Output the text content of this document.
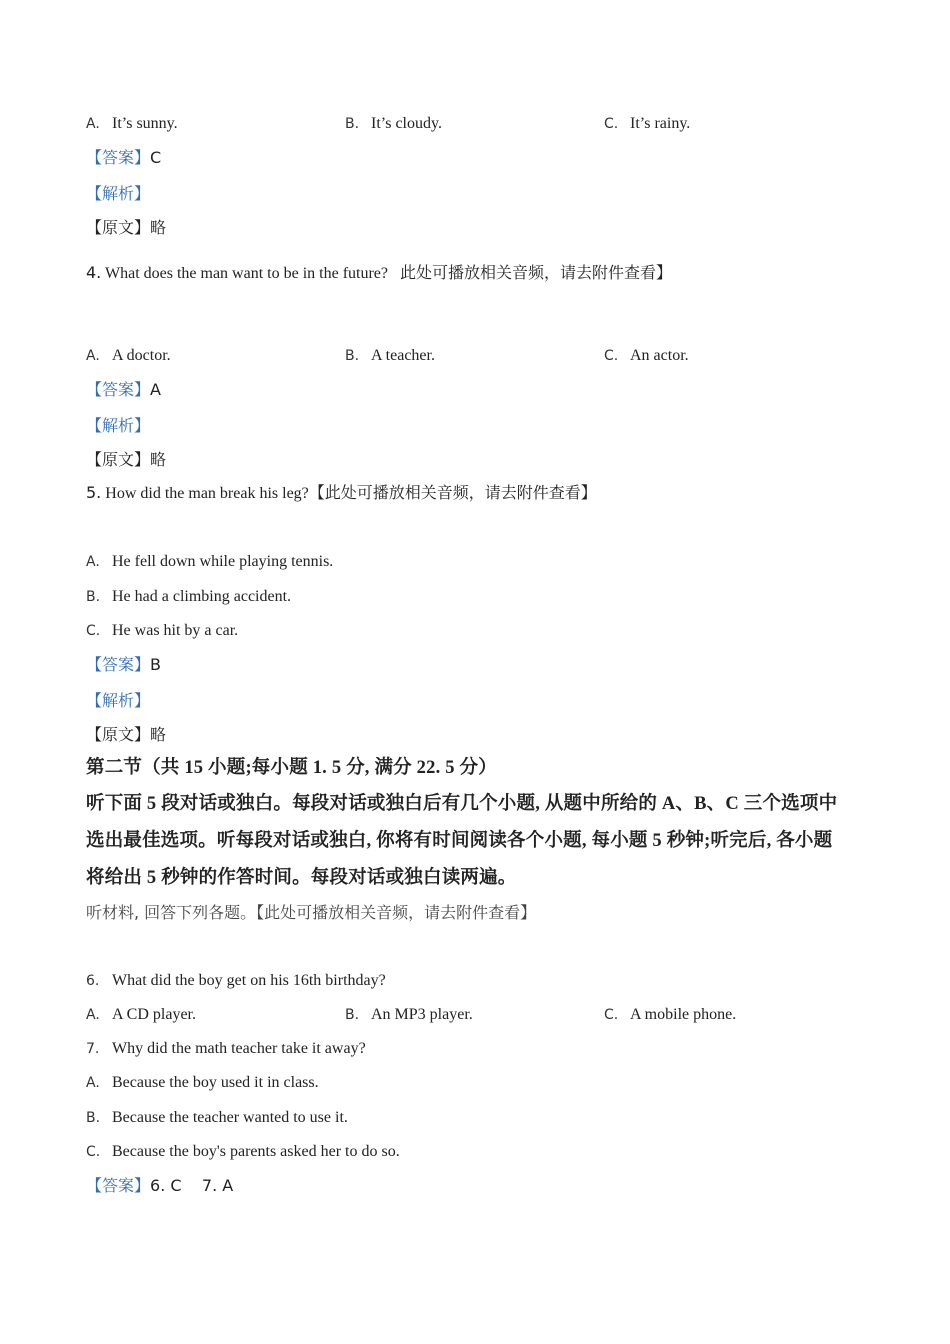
A. It’s sunny.	B. It’s cloudy.	C. It’s rainy.
【答案】C
【解析】
【原文】略
4. What does the man want to be in the future? 此处可播放相关音频，请去附件查看】
A. A doctor.	B. A teacher.	C. An actor.
【答案】A
【解析】
【原文】略
5. How did the man break his leg?【此处可播放相关音频，请去附件查看】
A. He fell down while playing tennis.
B. He had a climbing accident.
C. He was hit by a car.
【答案】B
【解析】
【原文】略
第二节（共 15 小题;每小题 1. 5 分, 满分 22. 5 分）
听下面 5 段对话或独白。每段对话或独白后有几个小题, 从题中所给的 A、B、C 三个选项中
选出最佳选项。听每段对话或独白, 你将有时间阅读各个小题, 每小题 5 秒钟;听完后, 各小题
将给出 5 秒钟的作答时间。每段对话或独白读两遍。
听材料, 回答下列各题。【此处可播放相关音频，请去附件查看】
6. What did the boy get on his 16th birthday?
A. A CD player.	B. An MP3 player.	C. A mobile phone.
7. Why did the math teacher take it away?
A. Because the boy used it in class.
B. Because the teacher wanted to use it.
C. Because the boy's parents asked her to do so.
【答案】6. C    7. A
